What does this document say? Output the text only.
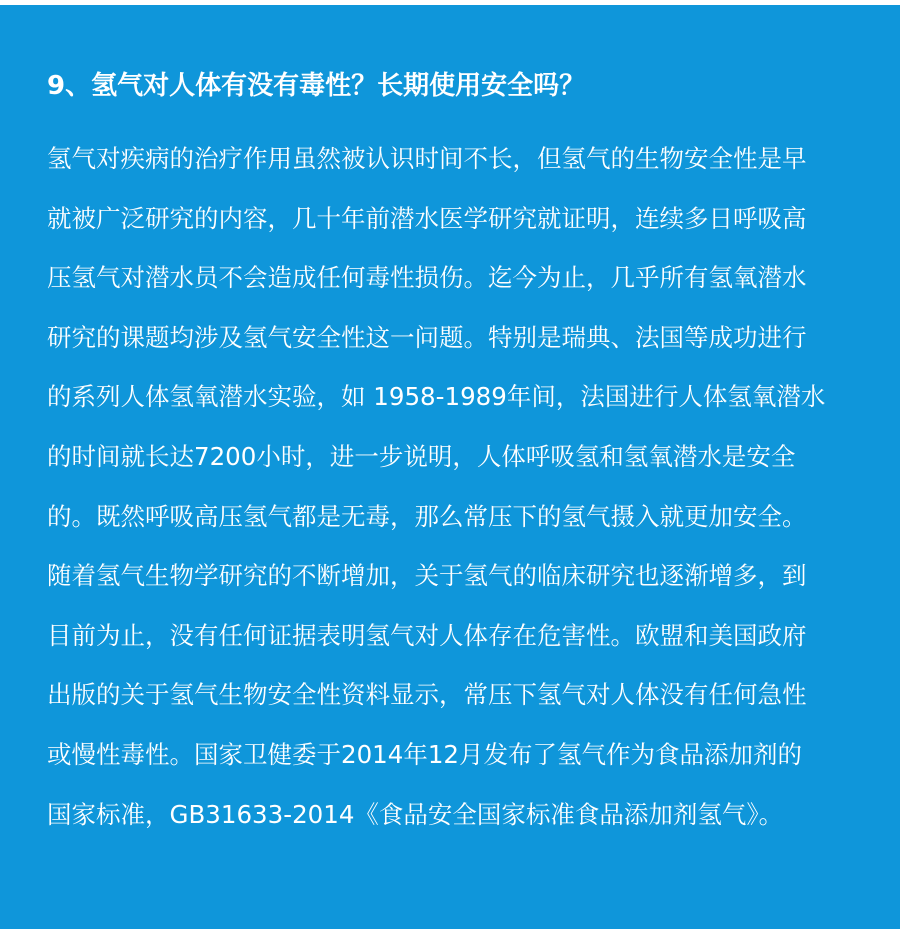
9、氢气对人体有没有毒性？长期使用安全吗？
氢气对疾病的治疗作用虽然被认识时间不长，但氢气的生物安全性是早
就被广泛研究的内容，几十年前潜水医学研究就证明，连续多日呼吸高
压氢气对潜水员不会造成任何毒性损伤。迄今为止，几乎所有氢氧潜水
研究的课题均涉及氢气安全性这一问题。特别是瑞典、法国等成功进行
的系列人体氢氧潜水实验，如 1958-1989年间，法国进行人体氢氧潜水
的时间就长达7200小时，进一步说明，人体呼吸氢和氢氧潜水是安全
的。既然呼吸高压氢气都是无毒，那么常压下的氢气摄入就更加安全。
随着氢气生物学研究的不断增加，关于氢气的临床研究也逐渐增多，到
目前为止，没有任何证据表明氢气对人体存在危害性。欧盟和美国政府
出版的关于氢气生物安全性资料显示，常压下氢气对人体没有任何急性
或慢性毒性。国家卫健委于2014年12月发布了氢气作为食品添加剂的
国家标准，GB31633-2014《食品安全国家标准食品添加剂氢气》。
